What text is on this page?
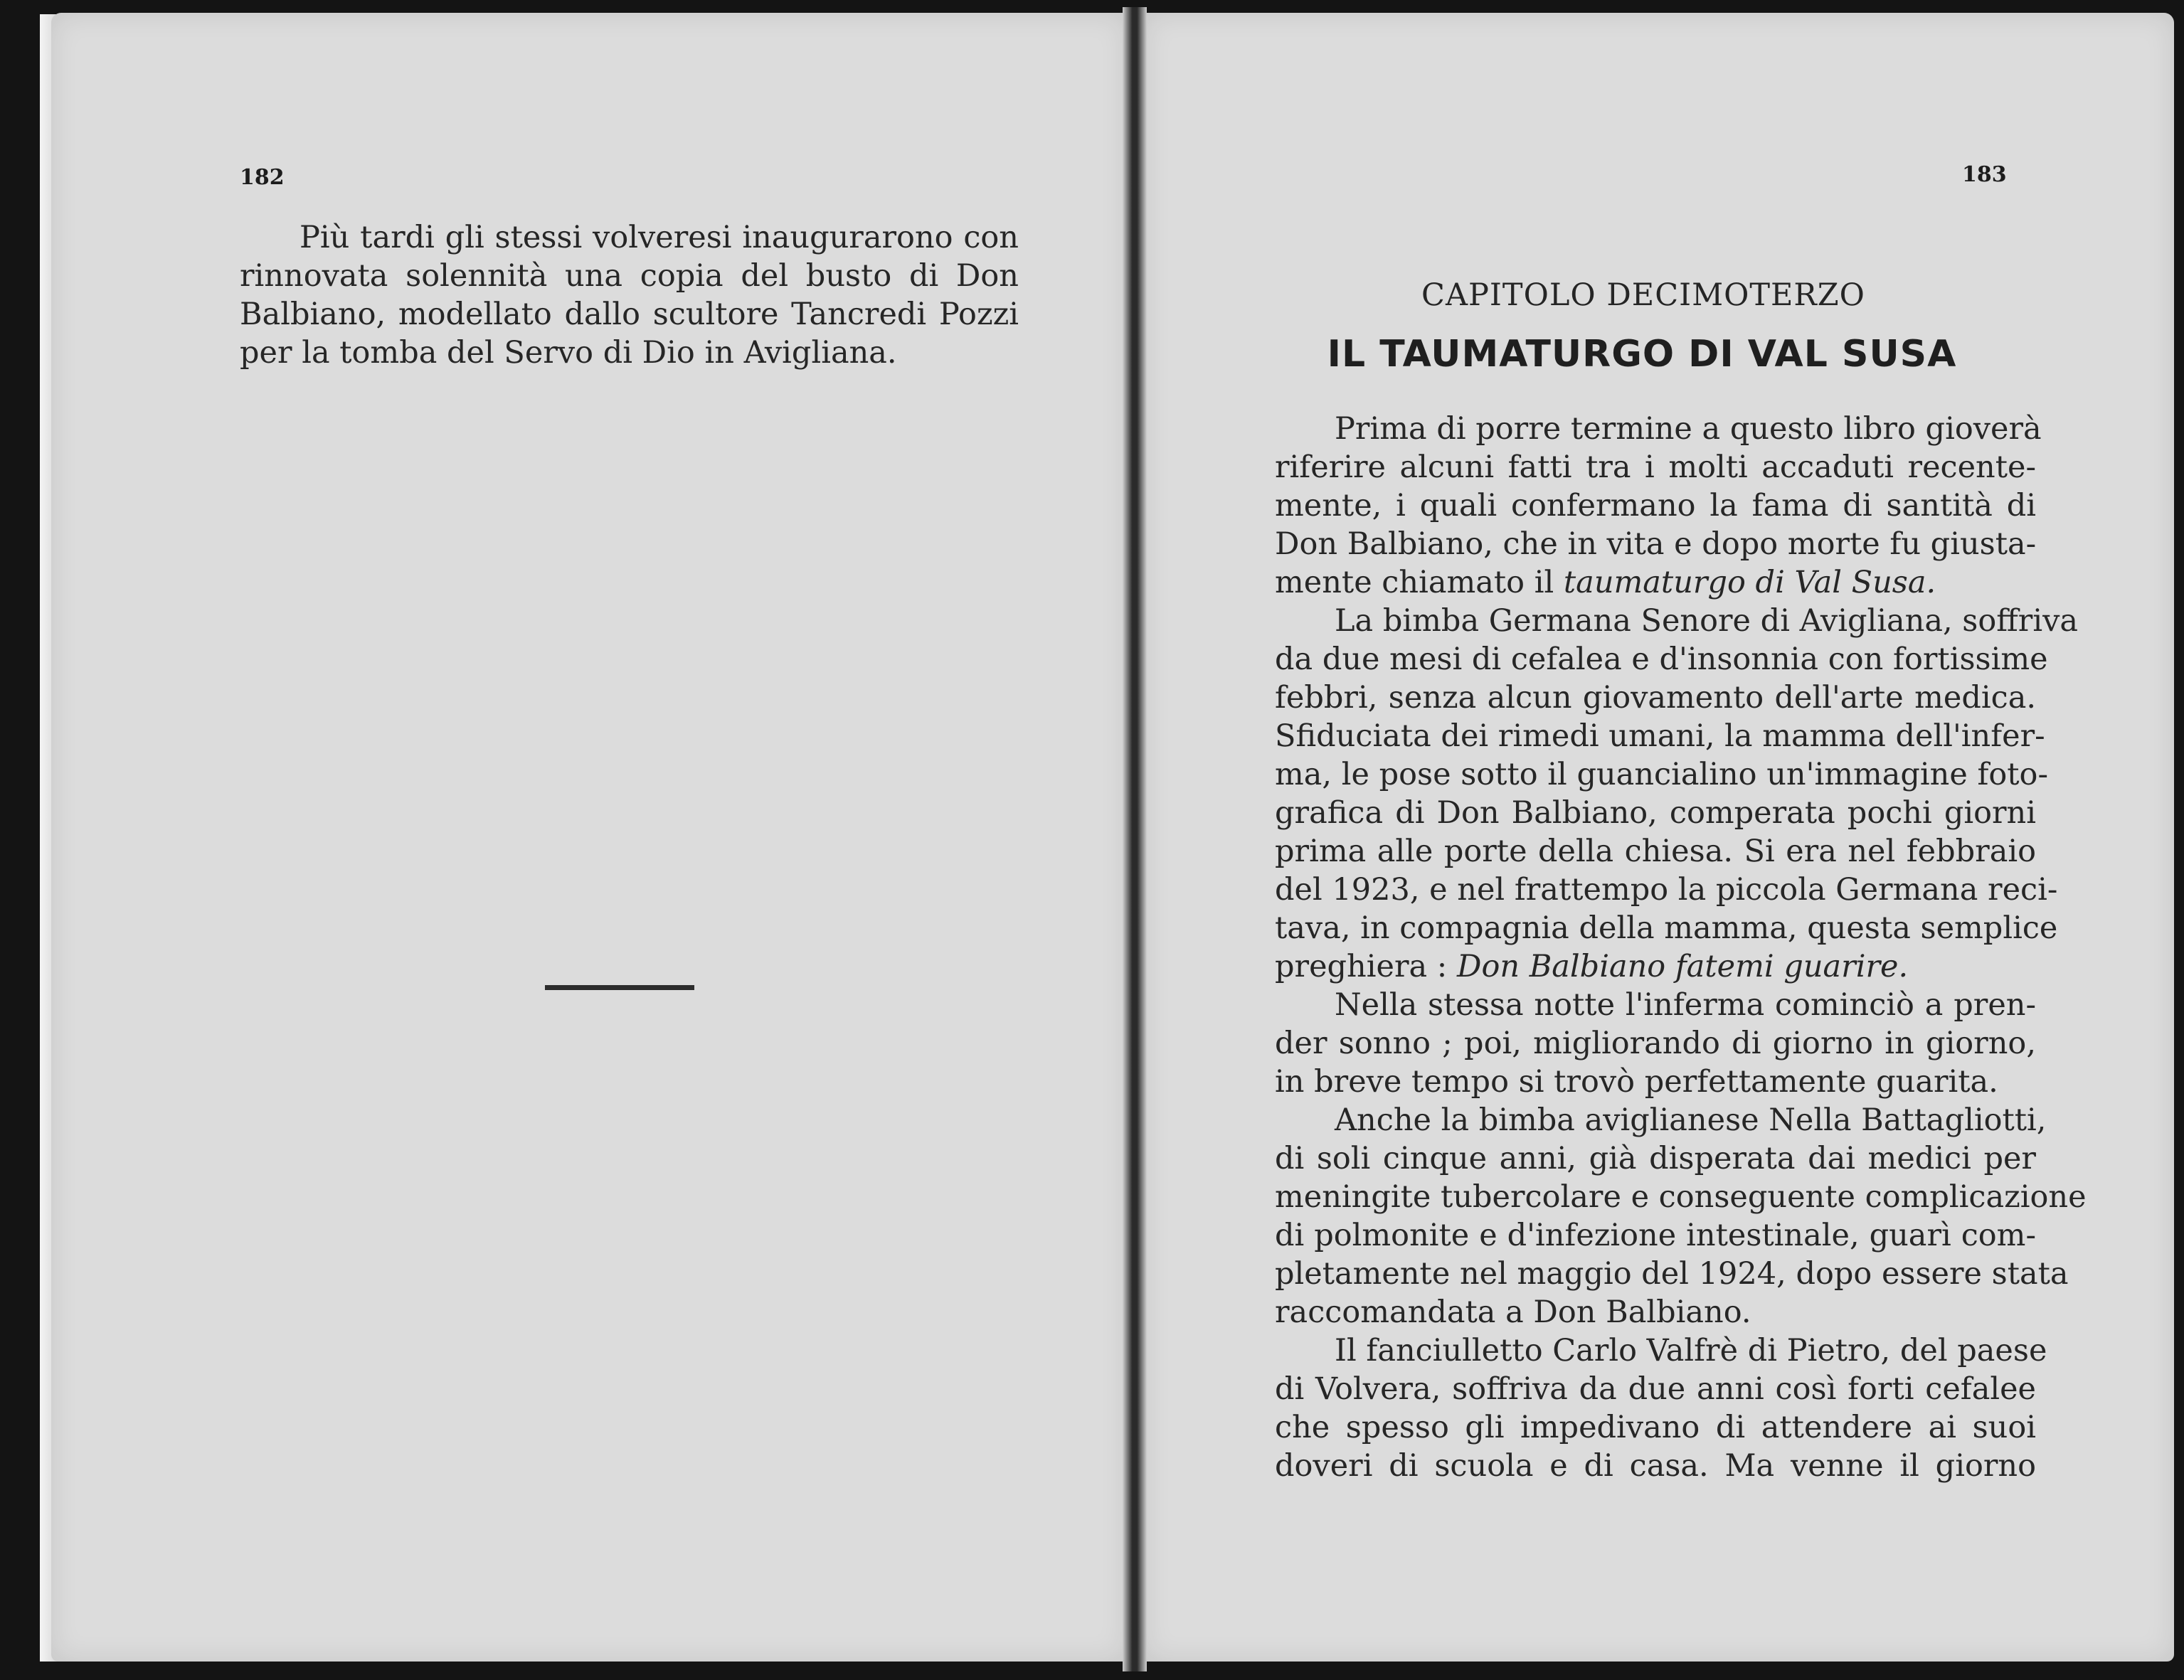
182
Più tardi gli stessi volveresi inaugurarono con
rinnovata solennità una copia del busto di Don
Balbiano, modellato dallo scultore Tancredi Pozzi
per la tomba del Servo di Dio in Avigliana.
183
CAPITOLO DECIMOTERZO
IL TAUMATURGO DI VAL SUSA
Prima di porre termine a questo libro gioverà
riferire alcuni fatti tra i molti accaduti recente-
mente, i quali confermano la fama di santità di
Don Balbiano, che in vita e dopo morte fu giusta-
mente chiamato il taumaturgo di Val Susa.
La bimba Germana Senore di Avigliana, soffriva
da due mesi di cefalea e d'insonnia con fortissime
febbri, senza alcun giovamento dell'arte medica.
Sfiduciata dei rimedi umani, la mamma dell'infer-
ma, le pose sotto il guancialino un'immagine foto-
grafica di Don Balbiano, comperata pochi giorni
prima alle porte della chiesa. Si era nel febbraio
del 1923, e nel frattempo la piccola Germana reci-
tava, in compagnia della mamma, questa semplice
preghiera : Don Balbiano fatemi guarire.
Nella stessa notte l'inferma cominciò a pren-
der sonno ; poi, migliorando di giorno in giorno,
in breve tempo si trovò perfettamente guarita.
Anche la bimba aviglianese Nella Battagliotti,
di soli cinque anni, già disperata dai medici per
meningite tubercolare e conseguente complicazione
di polmonite e d'infezione intestinale, guarì com-
pletamente nel maggio del 1924, dopo essere stata
raccomandata a Don Balbiano.
Il fanciulletto Carlo Valfrè di Pietro, del paese
di Volvera, soffriva da due anni così forti cefalee
che spesso gli impedivano di attendere ai suoi
doveri di scuola e di casa. Ma venne il giorno
